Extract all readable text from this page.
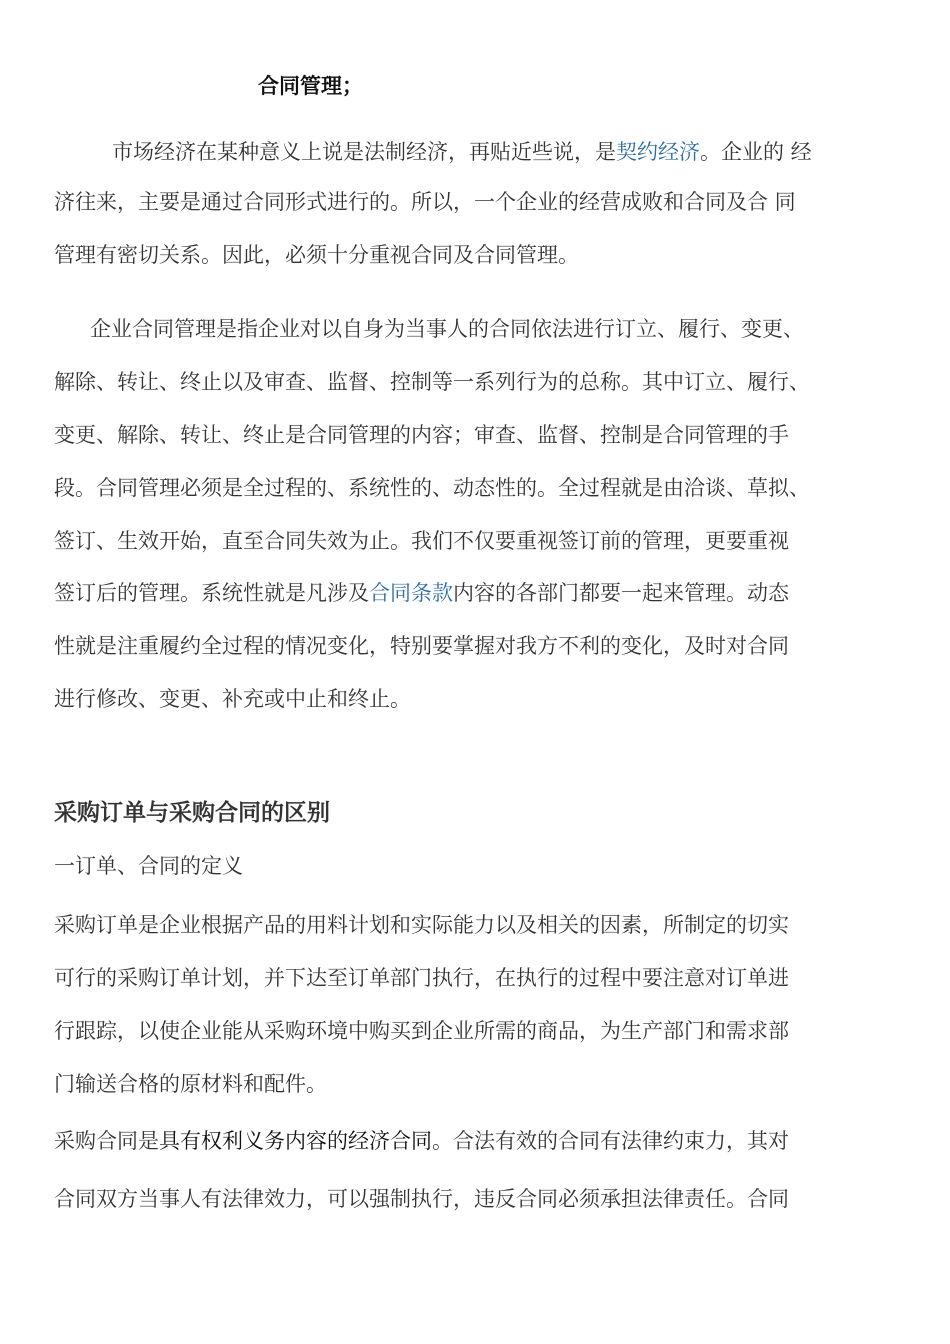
合同管理；
市场经济在某种意义上说是法制经济，再贴近些说，是契约经济。企业的 经
济往来，主要是通过合同形式进行的。所以，一个企业的经营成败和合同及合 同
管理有密切关系。因此，必须十分重视合同及合同管理。
企业合同管理是指企业对以自身为当事人的合同依法进行订立、履行、变更、
解除、转让、终止以及审查、监督、控制等一系列行为的总称。其中订立、履行、
变更、解除、转让、终止是合同管理的内容；审查、监督、控制是合同管理的手
段。合同管理必须是全过程的、系统性的、动态性的。全过程就是由洽谈、草拟、
签订、生效开始，直至合同失效为止。我们不仅要重视签订前的管理，更要重视
签订后的管理。系统性就是凡涉及合同条款内容的各部门都要一起来管理。动态
性就是注重履约全过程的情况变化，特别要掌握对我方不利的变化，及时对合同
进行修改、变更、补充或中止和终止。
采购订单与采购合同的区别
一订单、合同的定义
采购订单是企业根据产品的用料计划和实际能力以及相关的因素，所制定的切实
可行的采购订单计划，并下达至订单部门执行，在执行的过程中要注意对订单进
行跟踪，以使企业能从采购环境中购买到企业所需的商品，为生产部门和需求部
门输送合格的原材料和配件。
采购合同是具有权利义务内容的经济合同。合法有效的合同有法律约束力，其对
合同双方当事人有法律效力，可以强制执行，违反合同必须承担法律责任。合同
